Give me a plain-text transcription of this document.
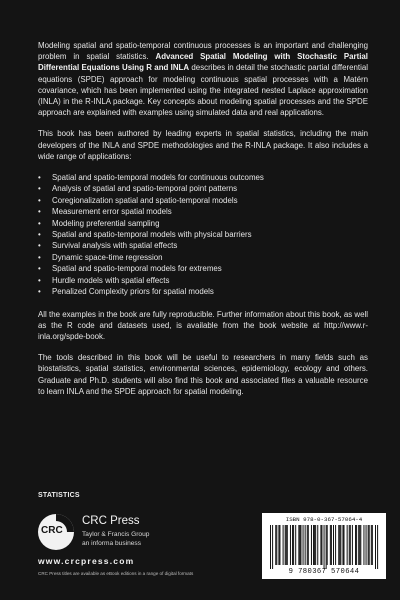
Modeling spatial and spatio-temporal continuous processes is an important and challenging problem in spatial statistics. Advanced Spatial Modeling with Stochastic Partial Differential Equations Using R and INLA describes in detail the stochastic partial differential equations (SPDE) approach for modeling continuous spatial processes with a Matérn covariance, which has been implemented using the integrated nested Laplace approximation (INLA) in the R-INLA package. Key concepts about modeling spatial processes and the SPDE approach are explained with examples using simulated data and real applications.

This book has been authored by leading experts in spatial statistics, including the main developers of the INLA and SPDE methodologies and the R-INLA package. It also includes a wide range of applications:

• Spatial and spatio-temporal models for continuous outcomes
• Analysis of spatial and spatio-temporal point patterns
• Coregionalization spatial and spatio-temporal models
• Measurement error spatial models
• Modeling preferential sampling
• Spatial and spatio-temporal models with physical barriers
• Survival analysis with spatial effects
• Dynamic space-time regression
• Spatial and spatio-temporal models for extremes
• Hurdle models with spatial effects
• Penalized Complexity priors for spatial models

All the examples in the book are fully reproducible. Further information about this book, as well as the R code and datasets used, is available from the book website at http://www.r-inla.org/spde-book.

The tools described in this book will be useful to researchers in many fields such as biostatistics, spatial statistics, environmental sciences, epidemiology, ecology and others. Graduate and Ph.D. students will also find this book and associated files a valuable resource to learn INLA and the SPDE approach for spatial modeling.

STATISTICS
CRC
CRC Press
Taylor & Francis Group
an informa business
www.crcpress.com
CRC Press titles are available as eBook editions in a range of digital formats
ISBN 978-0-367-57064-4
9 780367 570644
